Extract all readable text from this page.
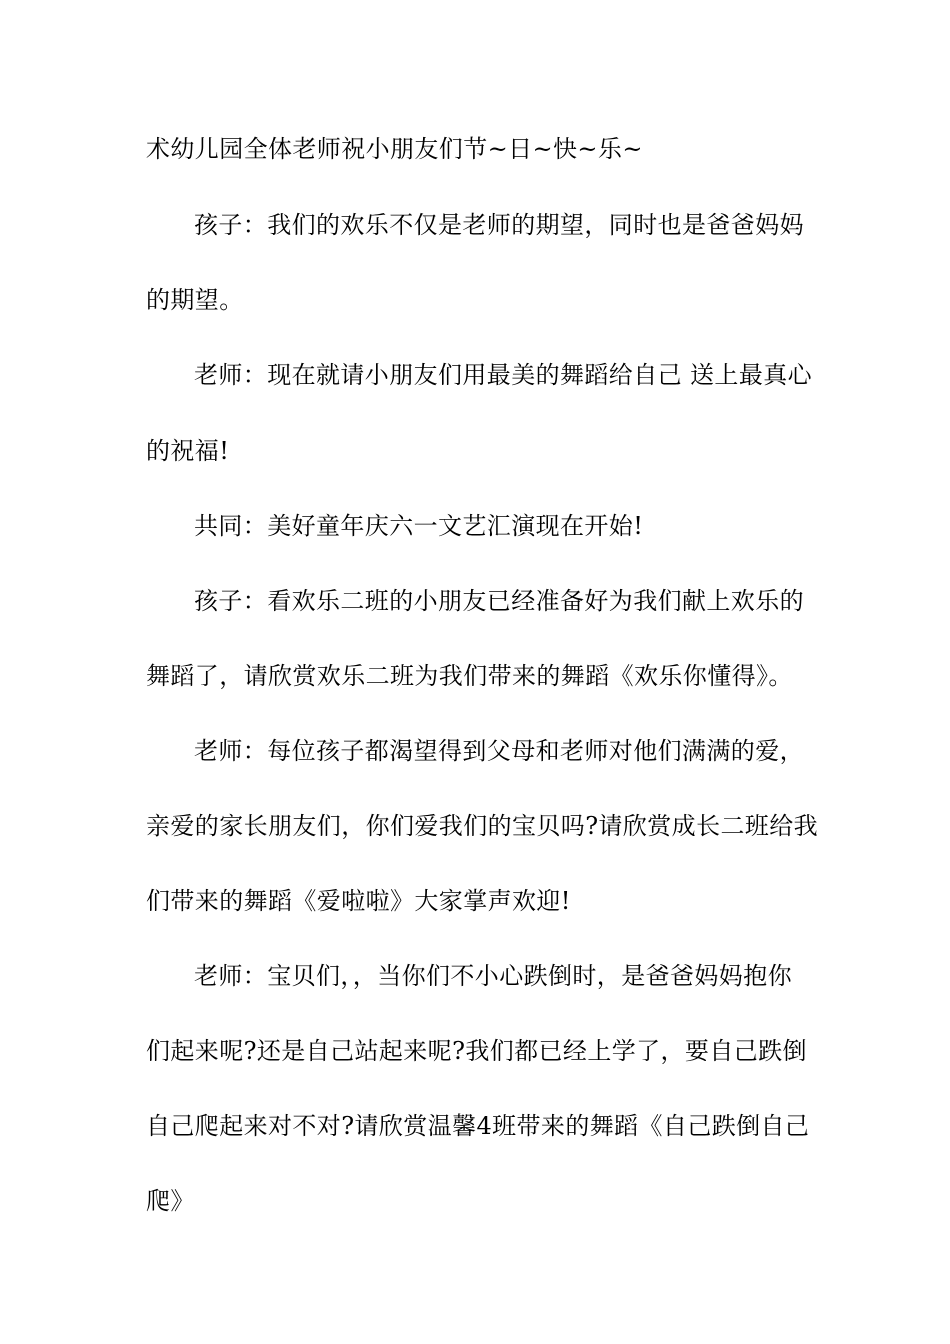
术幼儿园全体老师祝小朋友们节~日~快~乐~
孩子：我们的欢乐不仅是老师的期望，同时也是爸爸妈妈
的期望。
老师：现在就请小朋友们用最美的舞蹈给自己 送上最真心
的祝福!
共同：美好童年庆六一文艺汇演现在开始!
孩子：看欢乐二班的小朋友已经准备好为我们献上欢乐的
舞蹈了，请欣赏欢乐二班为我们带来的舞蹈《欢乐你懂得》。
老师：每位孩子都渴望得到父母和老师对他们满满的爱，
亲爱的家长朋友们，你们爱我们的宝贝吗?请欣赏成长二班给我
们带来的舞蹈《爱啦啦》大家掌声欢迎!
老师：宝贝们，，当你们不小心跌倒时，是爸爸妈妈抱你
们起来呢?还是自己站起来呢?我们都已经上学了，要自己跌倒
自己爬起来对不对?请欣赏温馨4班带来的舞蹈《自己跌倒自己
爬》
